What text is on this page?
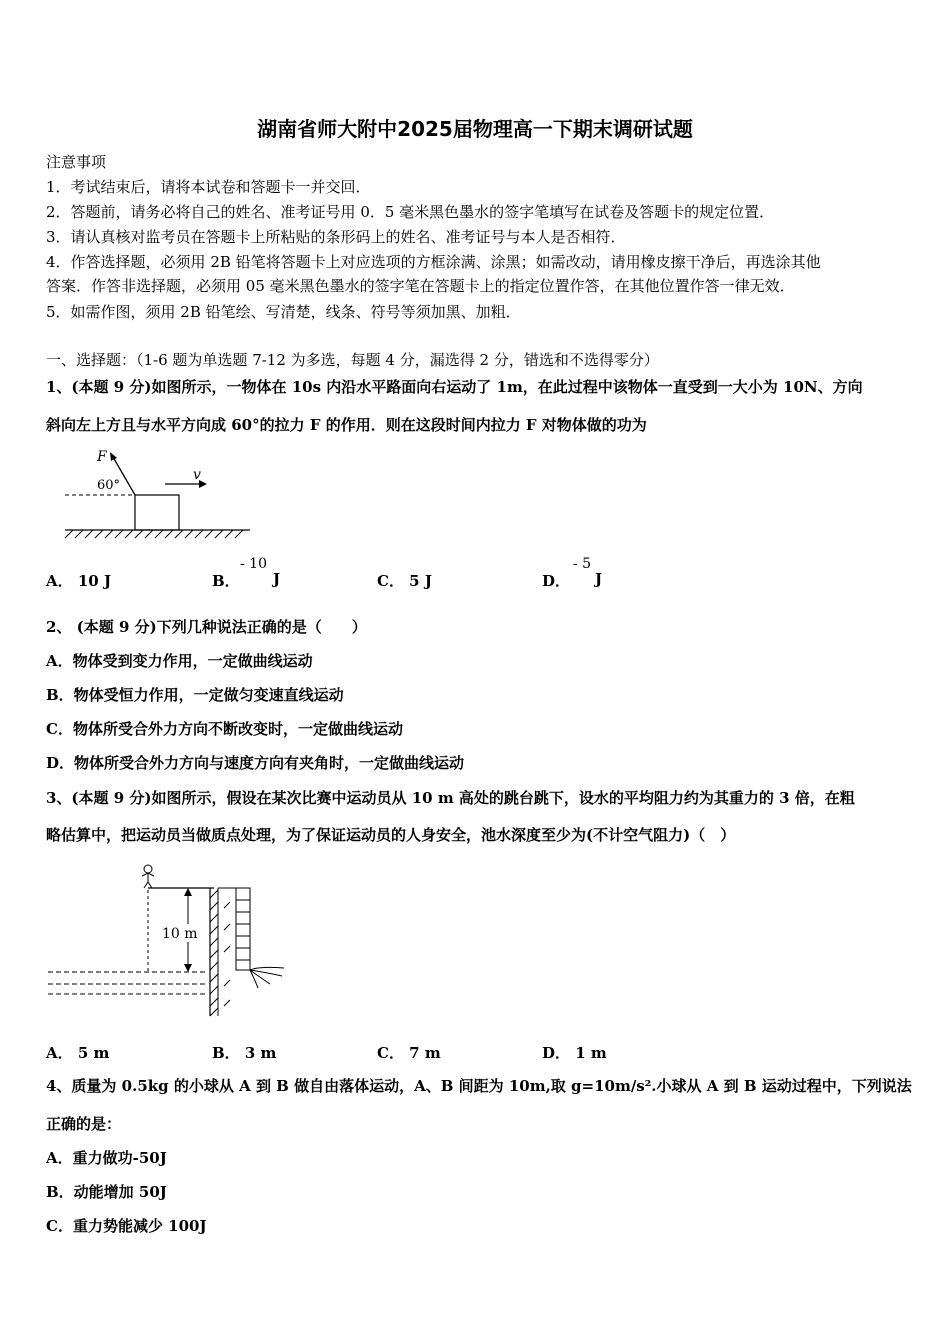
湖南省师大附中2025届物理高一下期末调研试题
注意事项
1．考试结束后，请将本试卷和答题卡一并交回．
2．答题前，请务必将自己的姓名、准考证号用 0．5 毫米黑色墨水的签字笔填写在试卷及答题卡的规定位置．
3．请认真核对监考员在答题卡上所粘贴的条形码上的姓名、准考证号与本人是否相符．
4．作答选择题，必须用 2B 铅笔将答题卡上对应选项的方框涂满、涂黑；如需改动，请用橡皮擦干净后，再选涂其他
答案．作答非选择题，必须用 05 毫米黑色墨水的签字笔在答题卡上的指定位置作答，在其他位置作答一律无效．
5．如需作图，须用 2B 铅笔绘、写清楚，线条、符号等须加黑、加粗．
一、选择题：（1-6 题为单选题 7-12 为多选，每题 4 分，漏选得 2 分，错选和不选得零分）
1、(本题 9 分)如图所示，一物体在 10s 内沿水平路面向右运动了 1m，在此过程中该物体一直受到一大小为 10N、方向
斜向左上方且与水平方向成 60°的拉力 F 的作用．则在这段时间内拉力 F 对物体做的功为
F
60°
v
A． 10 J	B．
- 10
J	C． 5 J	D．
- 5
J
2、 (本题 9 分)下列几种说法正确的是（　　）
A．物体受到变力作用，一定做曲线运动
B．物体受恒力作用，一定做匀变速直线运动
C．物体所受合外力方向不断改变时，一定做曲线运动
D．物体所受合外力方向与速度方向有夹角时，一定做曲线运动
3、(本题 9 分)如图所示，假设在某次比赛中运动员从 10 m 高处的跳台跳下，设水的平均阻力约为其重力的 3 倍，在粗
略估算中，把运动员当做质点处理，为了保证运动员的人身安全，池水深度至少为(不计空气阻力)（　）
10 m
A． 5 m	B． 3 m	C． 7 m	D． 1 m
4、质量为 0.5kg 的小球从 A 到 B 做自由落体运动，A、B 间距为 10m,取 g=10m/s².小球从 A 到 B 运动过程中，下列说法
正确的是：
A．重力做功-50J
B．动能增加 50J
C．重力势能减少 100J
